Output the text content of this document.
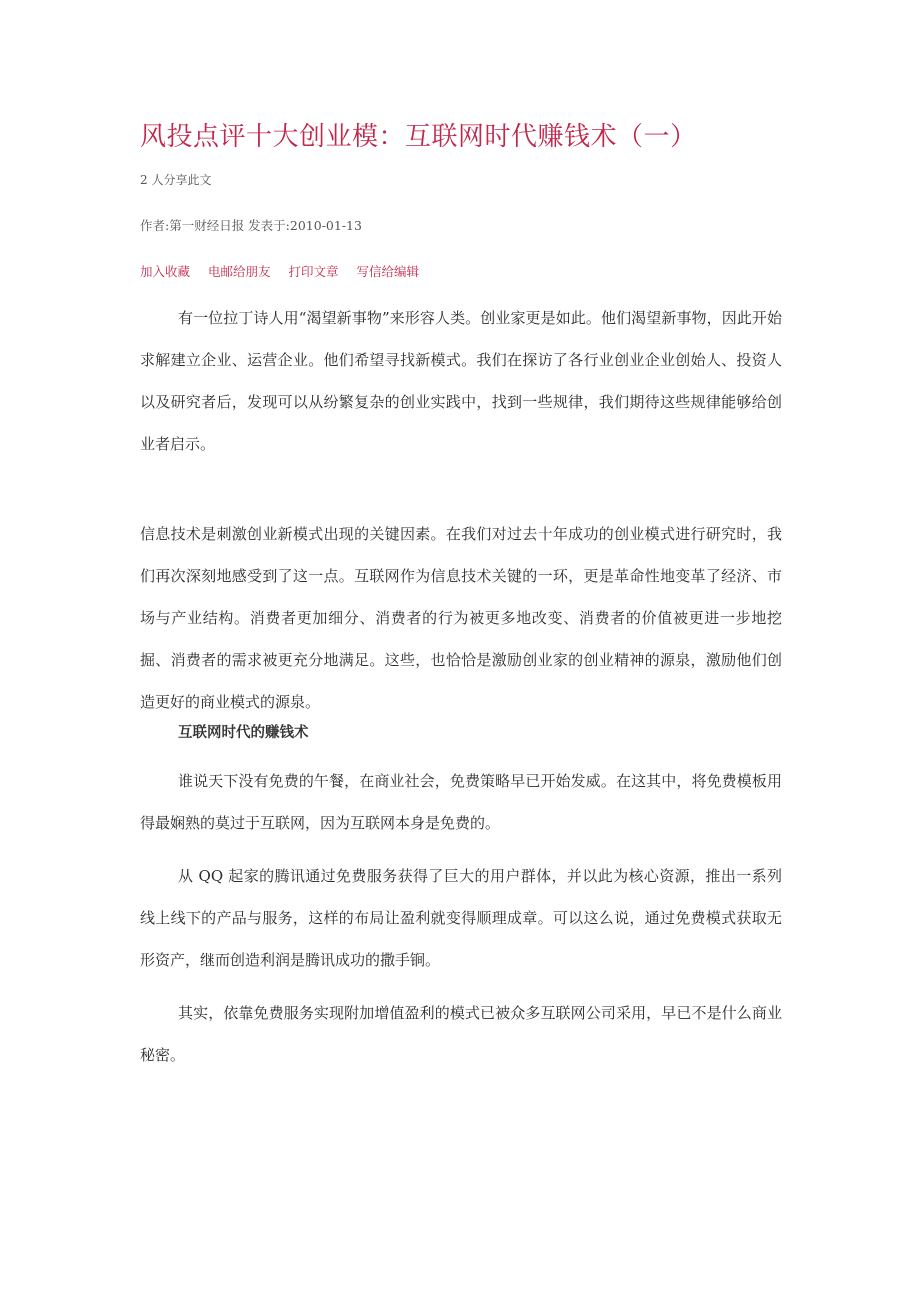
风投点评十大创业模：互联网时代赚钱术（一）
2 人分享此文
作者:第一财经日报 发表于:2010-01-13
加入收藏 电邮给朋友 打印文章 写信给编辑

有一位拉丁诗人用“渴望新事物”来形容人类。创业家更是如此。他们渴望新事物，因此开始求解建立企业、运营企业。他们希望寻找新模式。我们在探访了各行业创业企业创始人、投资人以及研究者后，发现可以从纷繁复杂的创业实践中，找到一些规律，我们期待这些规律能够给创业者启示。

信息技术是刺激创业新模式出现的关键因素。在我们对过去十年成功的创业模式进行研究时，我们再次深刻地感受到了这一点。互联网作为信息技术关键的一环，更是革命性地变革了经济、市场与产业结构。消费者更加细分、消费者的行为被更多地改变、消费者的价值被更进一步地挖掘、消费者的需求被更充分地满足。这些，也恰恰是激励创业家的创业精神的源泉，激励他们创造更好的商业模式的源泉。

互联网时代的赚钱术

谁说天下没有免费的午餐，在商业社会，免费策略早已开始发威。在这其中，将免费模板用得最娴熟的莫过于互联网，因为互联网本身是免费的。

从 QQ 起家的腾讯通过免费服务获得了巨大的用户群体，并以此为核心资源，推出一系列线上线下的产品与服务，这样的布局让盈利就变得顺理成章。可以这么说，通过免费模式获取无形资产，继而创造利润是腾讯成功的撒手锏。

其实，依靠免费服务实现附加增值盈利的模式已被众多互联网公司采用，早已不是什么商业秘密。
